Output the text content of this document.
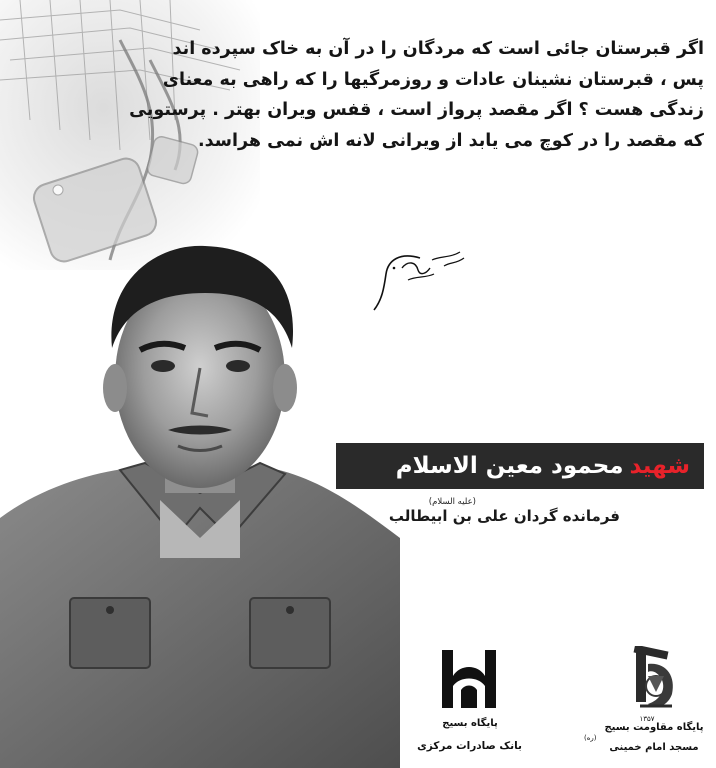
اگر قبرستان جائی است که مردگان را در آن به خاک سپرده اند
پس ، قبرستان نشینان عادات و روزمرگیها را که راهی به معنای
زندگی هست ؟ اگر مقصد پرواز است ، قفس ویران بهتر . پرستویی
که مقصد را در کوچ می یابد از ویرانی لانه اش نمی هراسد.
شهید
محمود معین الاسلام
(علیه السلام)
فرمانده گردان علی بن ابیطالب
پایگاه بسیج
بانک صادرات مرکزی
۱۳۵۷
پایگاه مقاومت بسیج
(ره)
مسجد امام خمینی
